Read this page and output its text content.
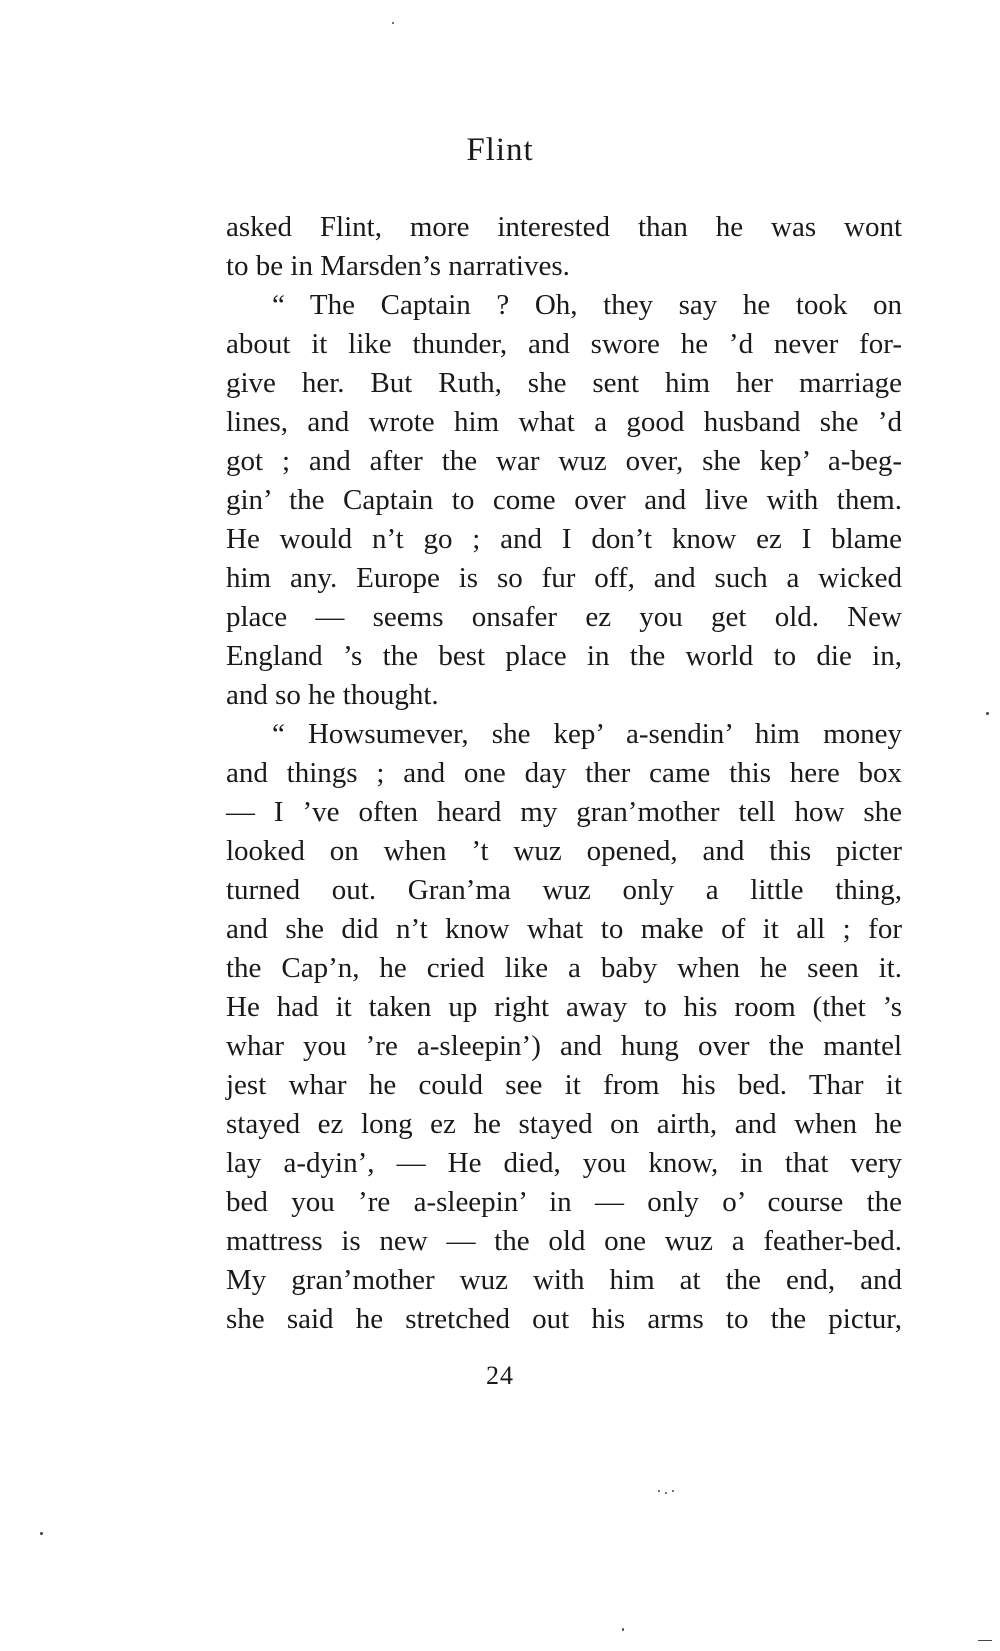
Flint
asked Flint, more interested than he was wont
to be in Marsden’s narratives.
“ The Captain ? Oh, they say he took on
about it like thunder, and swore he ’d never for-
give her. But Ruth, she sent him her marriage
lines, and wrote him what a good husband she ’d
got ; and after the war wuz over, she kep’ a-beg-
gin’ the Captain to come over and live with them.
He would n’t go ; and I don’t know ez I blame
him any. Europe is so fur off, and such a wicked
place — seems onsafer ez you get old. New
England ’s the best place in the world to die in,
and so he thought.
“ Howsumever, she kep’ a-sendin’ him money
and things ; and one day ther came this here box
— I ’ve often heard my gran’mother tell how she
looked on when ’t wuz opened, and this picter
turned out. Gran’ma wuz only a little thing,
and she did n’t know what to make of it all ; for
the Cap’n, he cried like a baby when he seen it.
He had it taken up right away to his room (thet ’s
whar you ’re a-sleepin’) and hung over the mantel
jest whar he could see it from his bed. Thar it
stayed ez long ez he stayed on airth, and when he
lay a-dyin’, — He died, you know, in that very
bed you ’re a-sleepin’ in — only o’ course the
mattress is new — the old one wuz a feather-bed.
My gran’mother wuz with him at the end, and
she said he stretched out his arms to the pictur,
24
